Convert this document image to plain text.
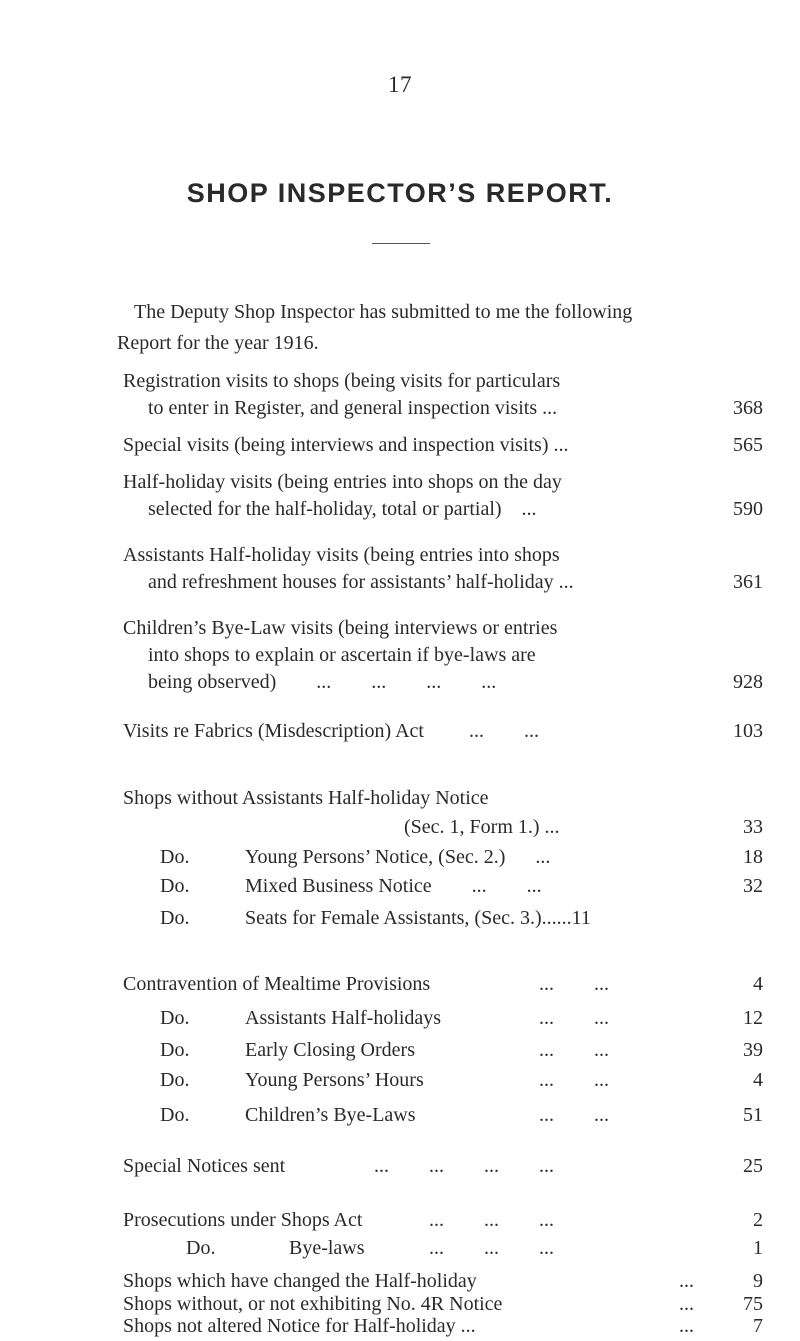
17
SHOP INSPECTOR’S REPORT.

The Deputy Shop Inspector has submitted to me the following
Report for the year 1916.

Registration visits to shops (being visits for particulars
to enter in Register, and general inspection visits ...	368
Special visits (being interviews and inspection visits) ...	565
Half-holiday visits (being entries into shops on the day
selected for the half-holiday, total or partial)    ...	590
Assistants Half-holiday visits (being entries into shops
and refreshment houses for assistants’ half-holiday ...	361
Children’s Bye-Law visits (being interviews or entries
into shops to explain or ascertain if bye-laws are
being observed)        ...        ...        ...        ...	928
Visits re Fabrics (Misdescription) Act         ...        ...	103
Shops without Assistants Half-holiday Notice
(Sec. 1, Form 1.) ...	33
Do.	Young Persons’ Notice, (Sec. 2.)      ...	18
Do.	Mixed Business Notice        ...        ...	32
Do.	Seats for Female Assistants, (Sec. 3.)......11
Contravention of Mealtime Provisions	...        ...	4
Do.	Assistants Half-holidays	...        ...	12
Do.	Early Closing Orders	...        ...	39
Do.	Young Persons’ Hours	...        ...	4
Do.	Children’s Bye-Laws	...        ...	51
Special Notices sent	...        ...        ...        ...	25
Prosecutions under Shops Act	...        ...        ...	2
Do.	Bye-laws	...        ...        ...	1
Shops which have changed the Half-holiday	...	9
Shops without, or not exhibiting No. 4R Notice	... 75
Shops not altered Notice for Half-holiday ...	...	7
